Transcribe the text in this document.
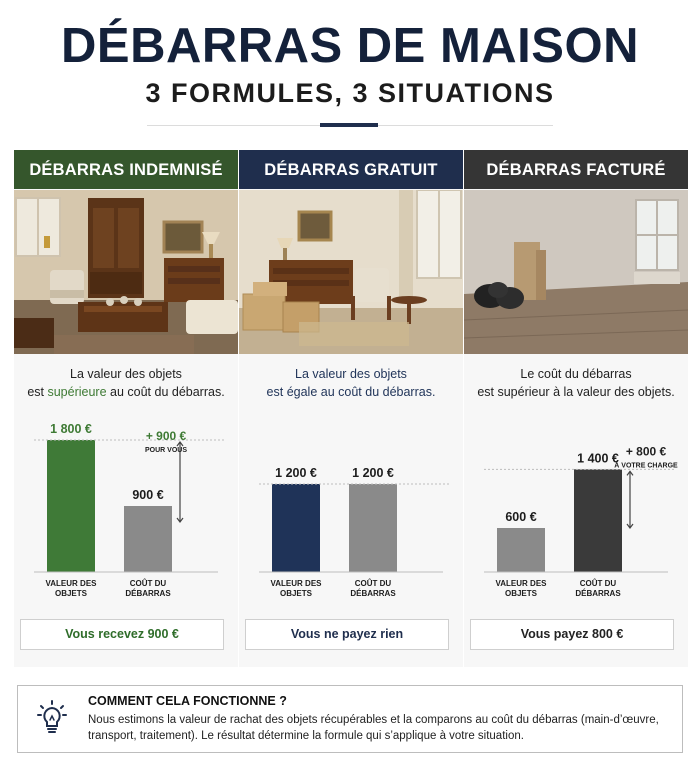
DÉBARRAS DE MAISON
3 FORMULES, 3 SITUATIONS
DÉBARRAS INDEMNISÉ
La valeur des objets
est supérieure au coût du débarras.
1 800 €
VALEUR DES OBJETS
900 €
COÛT DU DÉBARRAS
+ 900 €
POUR VOUS
Vous recevez 900 €
DÉBARRAS GRATUIT
La valeur des objets
est égale au coût du débarras.
1 200 €
VALEUR DES OBJETS
1 200 €
COÛT DU DÉBARRAS
Vous ne payez rien
DÉBARRAS FACTURÉ
Le coût du débarras
est supérieur à la valeur des objets.
600 €
VALEUR DES OBJETS
1 400 €
COÛT DU DÉBARRAS
+ 800 €
À VOTRE CHARGE
Vous payez 800 €
COMMENT CELA FONCTIONNE ?
Nous estimons la valeur de rachat des objets récupérables et la comparons au coût du débarras (main-d’œuvre, transport, traitement). Le résultat détermine la formule qui s’applique à votre situation.
